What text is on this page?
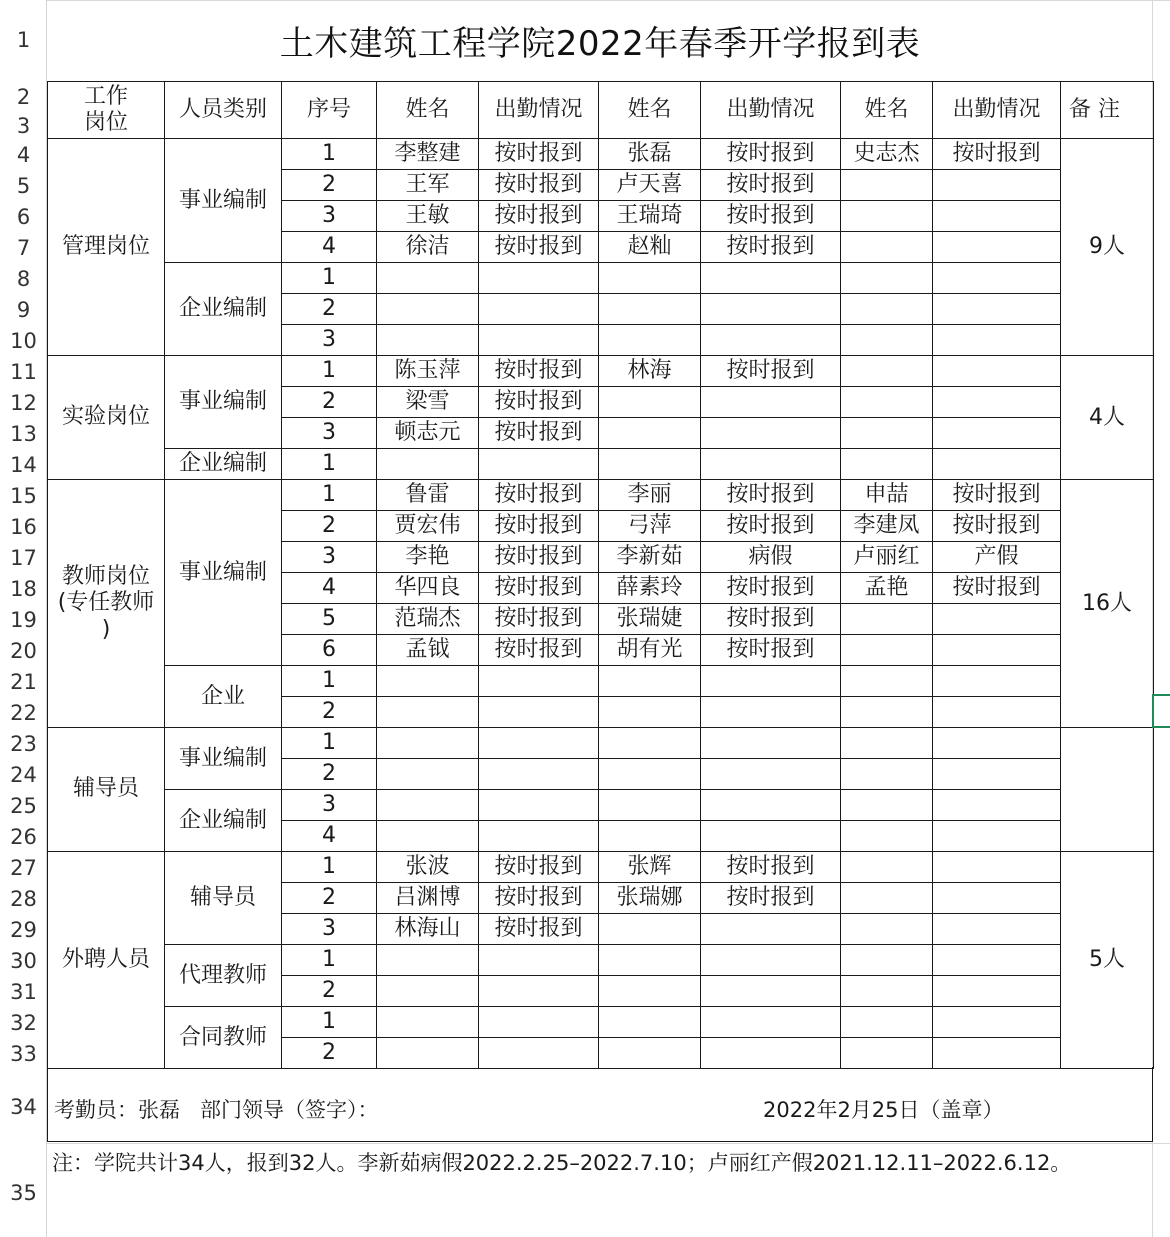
1
2
3
4
5
6
7
8
9
10
11
12
13
14
15
16
17
18
19
20
21
22
23
24
25
26
27
28
29
30
31
32
33
34
35
土木建筑工程学院2022年春季开学报到表
工作
岗位	人员类别	序号	姓名	出勤情况	姓名	出勤情况	姓名	出勤情况	备 注
管理岗位	事业编制	1	李整建	按时报到	张磊	按时报到	史志杰	按时报到	9人
		2	王军	按时报到	卢天喜	按时报到			
		3	王敏	按时报到	王瑞琦	按时报到			
		4	徐洁	按时报到	赵籼	按时报到			
	企业编制	1							
		2							
		3							
实验岗位	事业编制	1	陈玉萍	按时报到	林海	按时报到			4人
		2	梁雪	按时报到					
		3	顿志元	按时报到					
	企业编制	1							
教师岗位
(专任教师
)	事业编制	1	鲁雷	按时报到	李丽	按时报到	申喆	按时报到	16人
		2	贾宏伟	按时报到	弓萍	按时报到	李建凤	按时报到	
		3	李艳	按时报到	李新茹	病假	卢丽红	产假	
		4	华四良	按时报到	薛素玲	按时报到	孟艳	按时报到	
		5	范瑞杰	按时报到	张瑞婕	按时报到			
		6	孟钺	按时报到	胡有光	按时报到			
	企业	1							
		2							
辅导员	事业编制	1							
		2							
	企业编制	3							
		4							
外聘人员	辅导员	1	张波	按时报到	张辉	按时报到			5人
		2	吕渊博	按时报到	张瑞娜	按时报到			
		3	林海山	按时报到					
	代理教师	1							
		2							
	合同教师	1							
		2							
考勤员：张磊   部门领导（签字）：	2022年2月25日（盖章）
注：学院共计34人，报到32人。李新茹病假2022.2.25–2022.7.10；卢丽红产假2021.12.11–2022.6.12。
